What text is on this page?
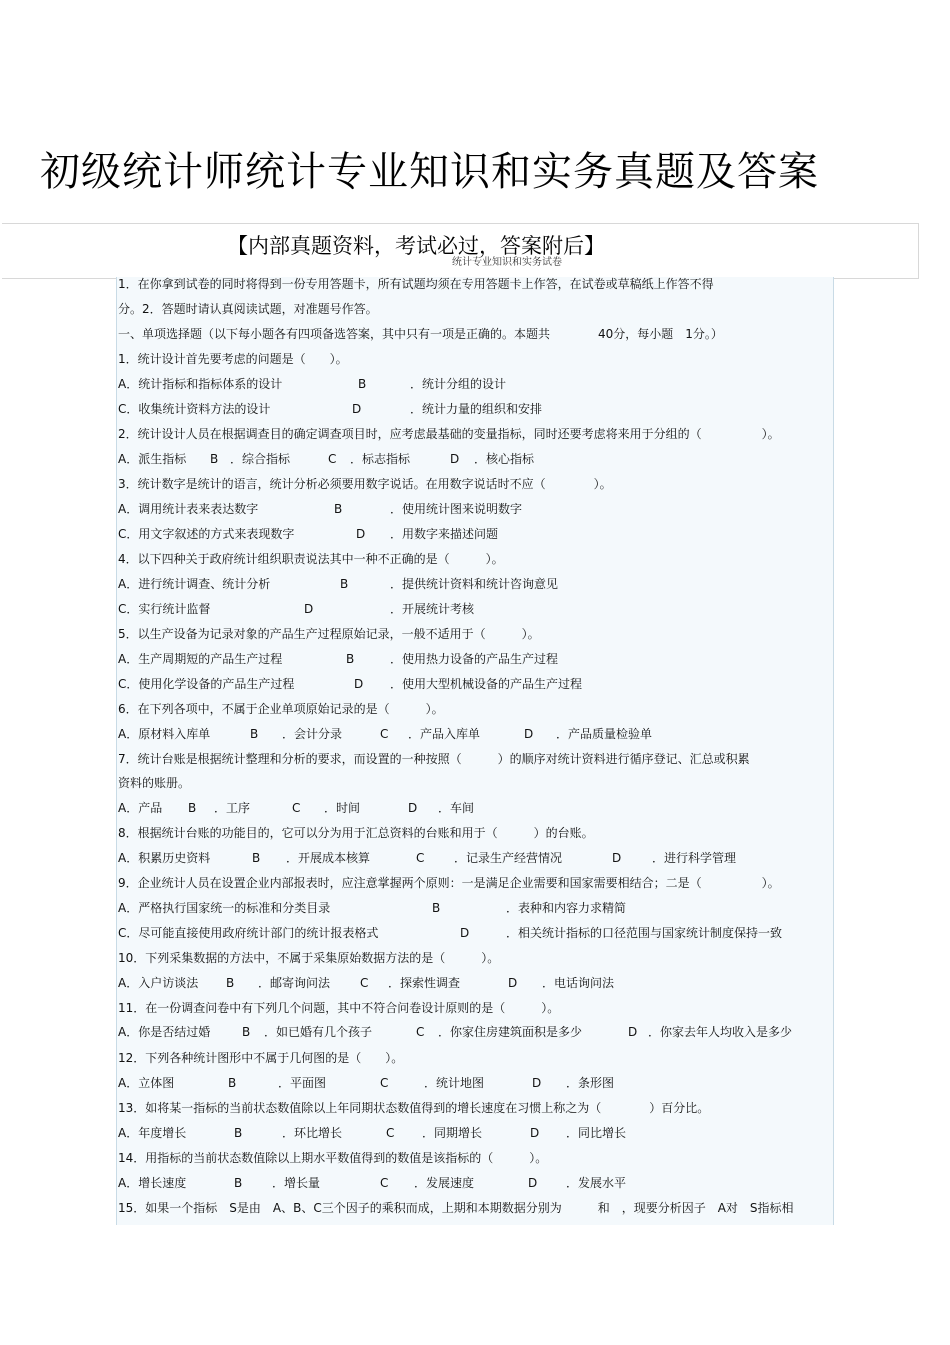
初级统计师统计专业知识和实务真题及答案
【内部真题资料，考试必过，答案附后】
统计专业知识和实务试卷
1．在你拿到试卷的同时将得到一份专用答题卡，所有试题均须在专用答题卡上作答，在试卷或草稿纸上作答不得
分。2．答题时请认真阅读试题，对准题号作答。
一、单项选择题（以下每小题各有四项备选答案，其中只有一项是正确的。本题共　　　　40分，每小题　1分。）
1．统计设计首先要考虑的问题是（　　）。
2．统计设计人员在根据调查目的确定调查项目时，应考虑最基础的变量指标，同时还要考虑将来用于分组的（　　　　　）。
3．统计数字是统计的语言，统计分析必须要用数字说话。在用数字说话时不应（　　　　）。
4．以下四种关于政府统计组织职责说法其中一种不正确的是（　　　）。
5．以生产设备为记录对象的产品生产过程原始记录，一般不适用于（　　　）。
6．在下列各项中，不属于企业单项原始记录的是（　　　）。
7．统计台账是根据统计整理和分析的要求，而设置的一种按照（　　　）的顺序对统计资料进行循序登记、汇总或积累
资料的账册。
8．根据统计台账的功能目的，它可以分为用于汇总资料的台账和用于（　　　）的台账。
9．企业统计人员在设置企业内部报表时，应注意掌握两个原则：一是满足企业需要和国家需要相结合；二是（　　　　　）。
10．下列采集数据的方法中，不属于采集原始数据方法的是（　　　）。
11．在一份调查问卷中有下列几个问题，其中不符合问卷设计原则的是（　　　）。
12．下列各种统计图形中不属于几何图的是（　　）。
13．如将某一指标的当前状态数值除以上年同期状态数值得到的增长速度在习惯上称之为（　　　　）百分比。
14．用指标的当前状态数值除以上期水平数值得到的数值是该指标的（　　　）。
15．如果一个指标　S是由　A、B、C三个因子的乘积而成，上期和本期数据分别为　　　和　，现要分析因子　A对　S指标相
A．统计指标和指标体系的设计	B	．统计分组的设计
C．收集统计资料方法的设计	D	．统计力量的组织和安排
A．派生指标 B ．综合指标	C ．标志指标	D ．核心指标
A．调用统计表来表达数字	B	．使用统计图来说明数字
C．用文字叙述的方式来表现数字	D ．用数字来描述问题
A．进行统计调查、统计分析	B	．提供统计资料和统计咨询意见
C．实行统计监督	D	．开展统计考核
A．生产周期短的产品生产过程	B	．使用热力设备的产品生产过程
C．使用化学设备的产品生产过程	D ．使用大型机械设备的产品生产过程
A．原材料入库单	B ．会计分录	C ．产品入库单	D ．产品质量检验单
A．产品 B ．工序	C ．时间	D ．车间
A．积累历史资料	B ．开展成本核算	C ．记录生产经营情况	D	．进行科学管理
A．严格执行国家统一的标准和分类目录	B	．表种和内容力求精简
C．尽可能直接使用政府统计部门的统计报表格式	D	．相关统计指标的口径范围与国家统计制度保持一致
A．入户访谈法 B ．邮寄询问法 C ．探索性调查	D ．电话询问法
A．你是否结过婚	B ．如已婚有几个孩子	C ．你家住房建筑面积是多少	D ．你家去年人均收入是多少
A．立体图	B	．平面图	C	．统计地图	D ．条形图
A．年度增长	B	．环比增长	C ．同期增长	D ．同比增长
A．增长速度	B ．增长量	C ．发展速度	D ．发展水平
